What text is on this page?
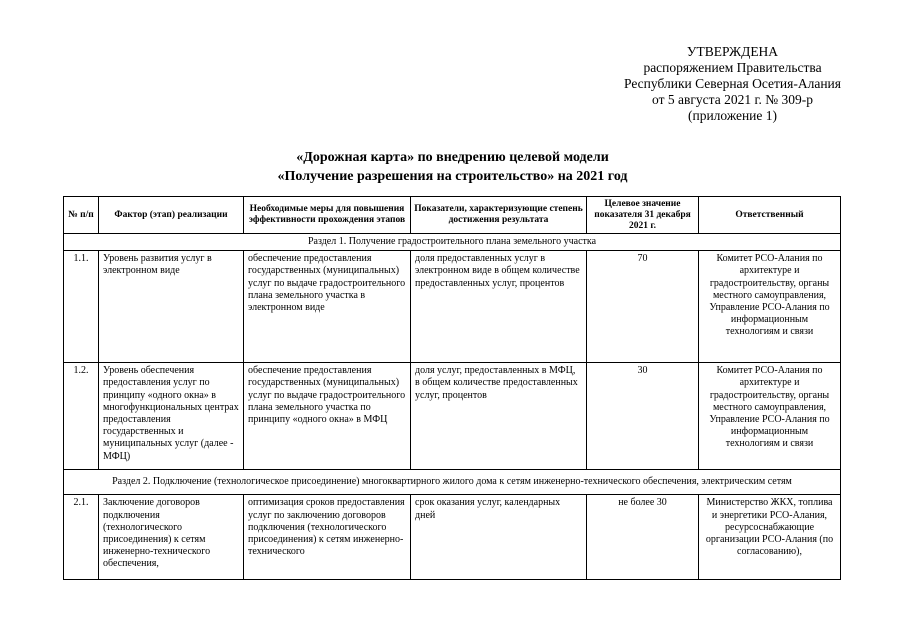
УТВЕРЖДЕНА
распоряжением Правительства
Республики Северная Осетия-Алания
от 5 августа 2021 г. № 309-р
(приложение 1)
«Дорожная карта» по внедрению целевой модели
«Получение разрешения на строительство» на 2021 год
№ п/п	Фактор (этап) реализации	Необходимые меры для повышения эффективности прохождения этапов	Показатели, характеризующие степень достижения результата	Целевое значение показателя 31 декабря 2021 г.	Ответственный
Раздел 1. Получение градостроительного плана земельного участка					
1.1.	Уровень развития услуг в электронном виде	обеспечение предоставления государственных (муниципальных) услуг по выдаче градостроительного плана земельного участка в электронном виде	доля предоставленных услуг в электронном виде в общем количестве предоставленных услуг, процентов	70	Комитет РСО-Алания по архитектуре и градостроительству, органы местного самоуправления, Управление РСО-Алания по информационным технологиям и связи
1.2.	Уровень обеспечения предоставления услуг по принципу «одного окна» в многофункциональных центрах предоставления государственных и муниципальных услуг (далее - МФЦ)	обеспечение предоставления государственных (муниципальных) услуг по выдаче градостроительного плана земельного участка по принципу «одного окна» в МФЦ	доля услуг, предоставленных в МФЦ, в общем количестве предоставленных услуг, процентов	30	Комитет РСО-Алания по архитектуре и градостроительству, органы местного самоуправления, Управление РСО-Алания по информационным технологиям и связи
Раздел 2. Подключение (технологическое присоединение) многоквартирного жилого дома к сетям инженерно-технического обеспечения, электрическим сетям					
2.1.	Заключение договоров подключения (технологического присоединения) к сетям инженерно-технического обеспечения,	оптимизация сроков предоставления услуг по заключению договоров подключения (технологического присоединения) к сетям инженерно-технического	срок оказания услуг, календарных дней	не более 30	Министерство ЖКХ, топлива и энергетики РСО-Алания, ресурсоснабжающие организации РСО-Алания (по согласованию),
